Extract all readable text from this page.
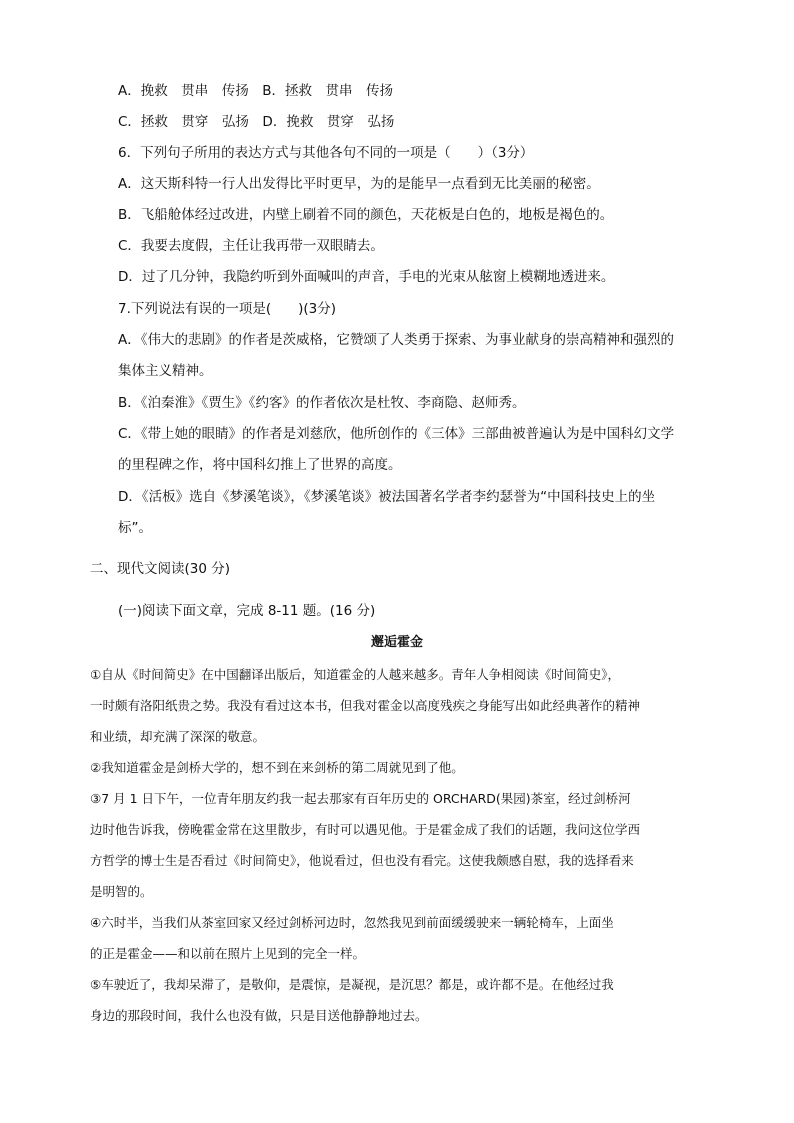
A．挽救　贯串　传扬　B．拯救　贯串　传扬
C．拯救　贯穿　弘扬　D．挽救　贯穿　弘扬
6．下列句子所用的表达方式与其他各句不同的一项是（　　）（3分）
A．这天斯科特一行人出发得比平时更早，为的是能早一点看到无比美丽的秘密。
B．飞船舱体经过改进，内壁上刷着不同的颜色，天花板是白色的，地板是褐色的。
C．我要去度假，主任让我再带一双眼睛去。
D．过了几分钟，我隐约听到外面喊叫的声音，手电的光束从舷窗上模糊地透进来。
7.下列说法有误的一项是(　　)(3分)
A．《伟大的悲剧》的作者是茨威格，它赞颂了人类勇于探索、为事业献身的崇高精神和强烈的
集体主义精神。
B．《泊秦淮》《贾生》《约客》的作者依次是杜牧、李商隐、赵师秀。
C．《带上她的眼睛》的作者是刘慈欣，他所创作的《三体》三部曲被普遍认为是中国科幻文学
的里程碑之作，将中国科幻推上了世界的高度。
D．《活板》选自《梦溪笔谈》，《梦溪笔谈》被法国著名学者李约瑟誉为“中国科技史上的坐
标”。
二、现代文阅读(30 分)
(一)阅读下面文章，完成 8-11 题。(16 分)
邂逅霍金
①自从《时间简史》在中国翻译出版后，知道霍金的人越来越多。青年人争相阅读《时间简史》，
一时颇有洛阳纸贵之势。我没有看过这本书，但我对霍金以高度残疾之身能写出如此经典著作的精神
和业绩，却充满了深深的敬意。
②我知道霍金是剑桥大学的，想不到在来剑桥的第二周就见到了他。
③7 月 1 日下午，一位青年朋友约我一起去那家有百年历史的 ORCHARD(果园)茶室，经过剑桥河
边时他告诉我，傍晚霍金常在这里散步，有时可以遇见他。于是霍金成了我们的话题，我问这位学西
方哲学的博士生是否看过《时间简史》，他说看过，但也没有看完。这使我颇感自慰，我的选择看来
是明智的。
④六时半，当我们从茶室回家又经过剑桥河边时，忽然我见到前面缓缓驶来一辆轮椅车，上面坐
的正是霍金——和以前在照片上见到的完全一样。
⑤车驶近了，我却呆滞了，是敬仰，是震惊，是凝视，是沉思？都是，或许都不是。在他经过我
身边的那段时间，我什么也没有做，只是目送他静静地过去。
